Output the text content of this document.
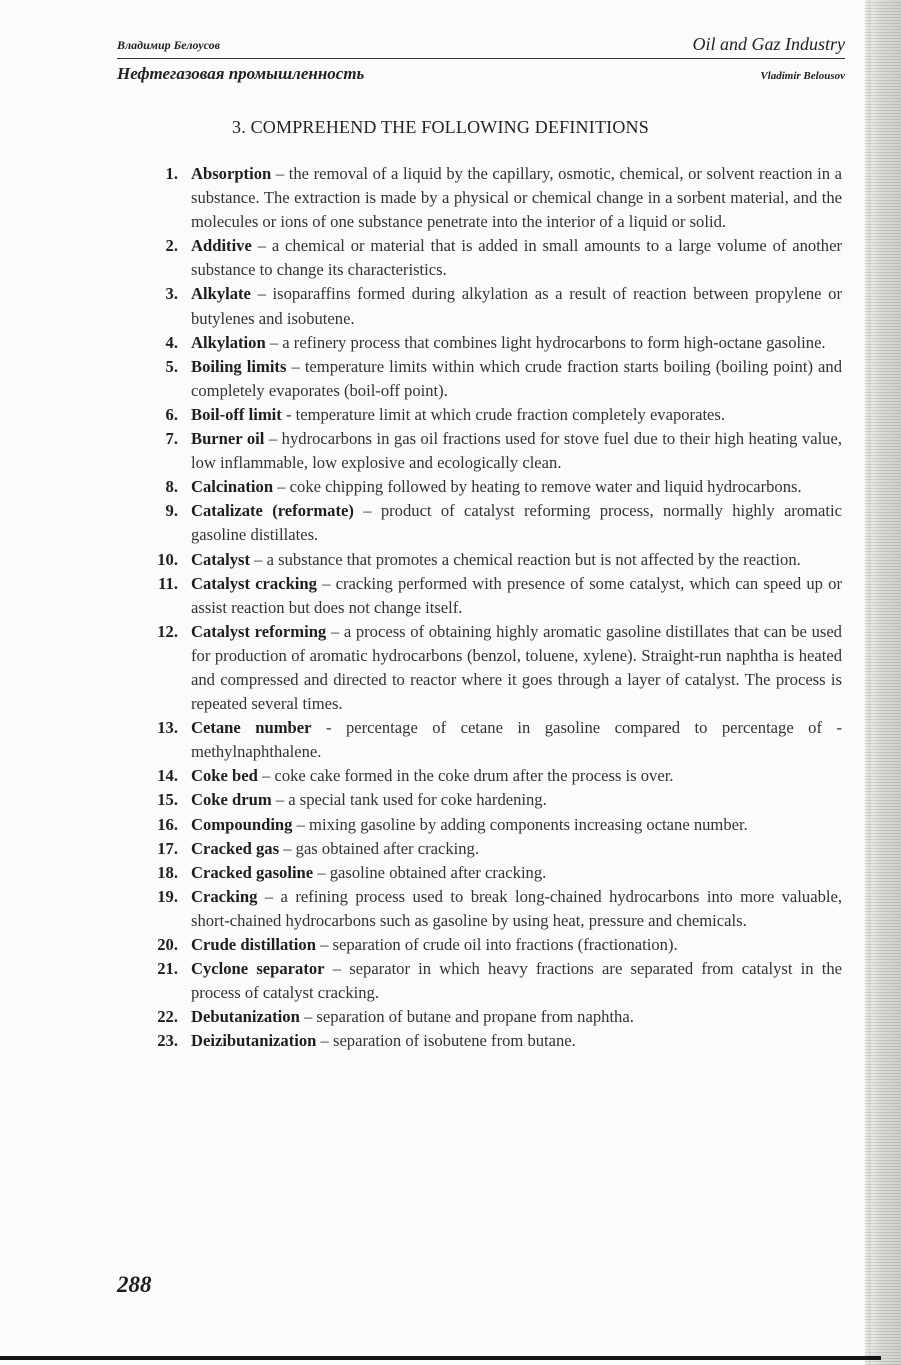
Владимир Белоусов	Oil and Gaz Industry
Нефтегазовая промышленность	Vladimir Belousov
3. COMPREHEND THE FOLLOWING DEFINITIONS
1. Absorption – the removal of a liquid by the capillary, osmotic, chemical, or solvent reaction in a substance. The extraction is made by a physical or chemical change in a sorbent material, and the molecules or ions of one substance penetrate into the interior of a liquid or solid.
2. Additive – a chemical or material that is added in small amounts to a large volume of another substance to change its characteristics.
3. Alkylate – isoparaffins formed during alkylation as a result of reaction between propylene or butylenes and isobutene.
4. Alkylation – a refinery process that combines light hydrocarbons to form high-octane gasoline.
5. Boiling limits – temperature limits within which crude fraction starts boiling (boiling point) and completely evaporates (boil-off point).
6. Boil-off limit - temperature limit at which crude fraction completely evaporates.
7. Burner oil – hydrocarbons in gas oil fractions used for stove fuel due to their high heating value, low inflammable, low explosive and ecologically clean.
8. Calcination – coke chipping followed by heating to remove water and liquid hydrocarbons.
9. Catalizate (reformate) – product of catalyst reforming process, normally highly aromatic gasoline distillates.
10. Catalyst – a substance that promotes a chemical reaction but is not affected by the reaction.
11. Catalyst cracking – cracking performed with presence of some catalyst, which can speed up or assist reaction but does not change itself.
12. Catalyst reforming – a process of obtaining highly aromatic gasoline distillates that can be used for production of aromatic hydrocarbons (benzol, toluene, xylene). Straight-run naphtha is heated and compressed and directed to reactor where it goes through a layer of catalyst. The process is repeated several times.
13. Cetane number - percentage of cetane in gasoline compared to percentage of -methylnaphthalene.
14. Coke bed – coke cake formed in the coke drum after the process is over.
15. Coke drum – a special tank used for coke hardening.
16. Compounding – mixing gasoline by adding components increasing octane number.
17. Cracked gas – gas obtained after cracking.
18. Cracked gasoline – gasoline obtained after cracking.
19. Cracking – a refining process used to break long-chained hydrocarbons into more valuable, short-chained hydrocarbons such as gasoline by using heat, pressure and chemicals.
20. Crude distillation – separation of crude oil into fractions (fractionation).
21. Cyclone separator – separator in which heavy fractions are separated from catalyst in the process of catalyst cracking.
22. Debutanization – separation of butane and propane from naphtha.
23. Deizibutanization – separation of isobutene from butane.
288
